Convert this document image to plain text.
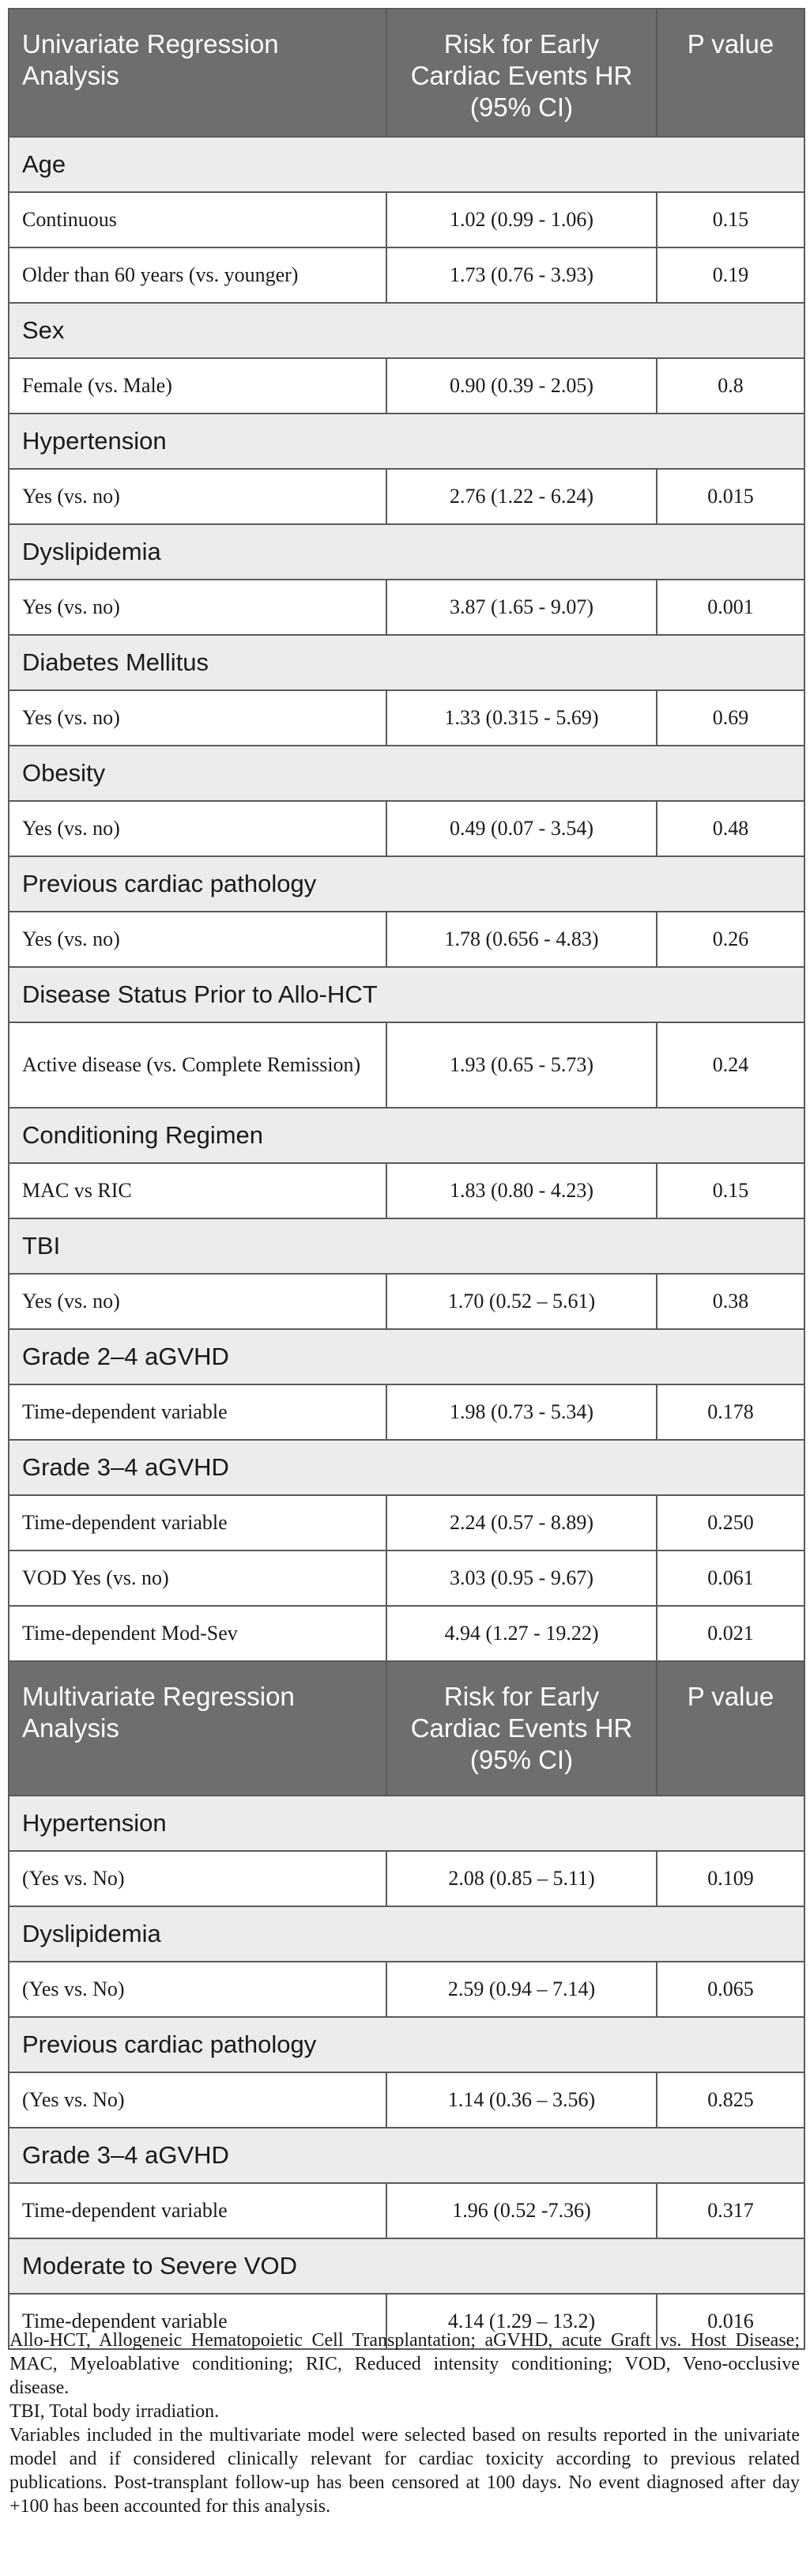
Univariate Regression Analysis	Risk for Early Cardiac Events HR (95% CI)	P value
Age		
Continuous	1.02 (0.99 - 1.06)	0.15
Older than 60 years (vs. younger)	1.73 (0.76 - 3.93)	0.19
Sex		
Female (vs. Male)	0.90 (0.39 - 2.05)	0.8
Hypertension		
Yes (vs. no)	2.76 (1.22 - 6.24)	0.015
Dyslipidemia		
Yes (vs. no)	3.87 (1.65 - 9.07)	0.001
Diabetes Mellitus		
Yes (vs. no)	1.33 (0.315 - 5.69)	0.69
Obesity		
Yes (vs. no)	0.49 (0.07 - 3.54)	0.48
Previous cardiac pathology		
Yes (vs. no)	1.78 (0.656 - 4.83)	0.26
Disease Status Prior to Allo-HCT		
Active disease (vs. Complete Remission)	1.93 (0.65 - 5.73)	0.24
Conditioning Regimen		
MAC vs RIC	1.83 (0.80 - 4.23)	0.15
TBI		
Yes (vs. no)	1.70 (0.52 – 5.61)	0.38
Grade 2–4 aGVHD		
Time-dependent variable	1.98 (0.73 - 5.34)	0.178
Grade 3–4 aGVHD		
Time-dependent variable	2.24 (0.57 - 8.89)	0.250
VOD Yes (vs. no)	3.03 (0.95 - 9.67)	0.061
Time-dependent Mod-Sev	4.94 (1.27 - 19.22)	0.021
Multivariate Regression Analysis	Risk for Early Cardiac Events HR (95% CI)	P value
Hypertension		
(Yes vs. No)	2.08 (0.85 – 5.11)	0.109
Dyslipidemia		
(Yes vs. No)	2.59 (0.94 – 7.14)	0.065
Previous cardiac pathology		
(Yes vs. No)	1.14 (0.36 – 3.56)	0.825
Grade 3–4 aGVHD		
Time-dependent variable	1.96 (0.52 -7.36)	0.317
Moderate to Severe VOD		
Time-dependent variable	4.14 (1.29 – 13.2)	0.016

Allo-HCT, Allogeneic Hematopoietic Cell Transplantation; aGVHD, acute Graft vs. Host Disease; MAC, Myeloablative conditioning; RIC, Reduced intensity conditioning; VOD, Veno-occlusive disease.

TBI, Total body irradiation.

Variables included in the multivariate model were selected based on results reported in the univariate model and if considered clinically relevant for cardiac toxicity according to previous related publications. Post-transplant follow-up has been censored at 100 days. No event diagnosed after day +100 has been accounted for this analysis.
